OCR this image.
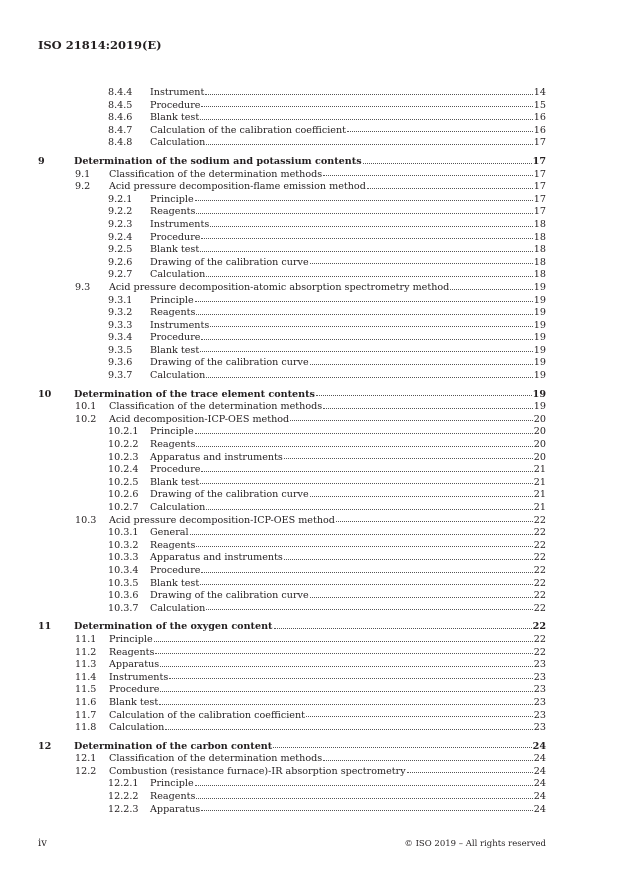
ISO 21814:2019(E)
8.4.4 Instrument	14
8.4.5 Procedure	15
8.4.6 Blank test	16
8.4.7 Calculation of the calibration coefficient	16
8.4.8 Calculation	17
9	Determination of the sodium and potassium contents	17
9.1 Classification of the determination methods	17
9.2 Acid pressure decomposition-flame emission method	17
9.2.1 Principle	17
9.2.2 Reagents	17
9.2.3 Instruments	18
9.2.4 Procedure	18
9.2.5 Blank test	18
9.2.6 Drawing of the calibration curve	18
9.2.7 Calculation	18
9.3 Acid pressure decomposition-atomic absorption spectrometry method	19
9.3.1 Principle	19
9.3.2 Reagents	19
9.3.3 Instruments	19
9.3.4 Procedure	19
9.3.5 Blank test	19
9.3.6 Drawing of the calibration curve	19
9.3.7 Calculation	19
10 Determination of the trace element contents	19
10.1 Classification of the determination methods	19
10.2 Acid decomposition-ICP-OES method	20
10.2.1 Principle	20
10.2.2 Reagents	20
10.2.3 Apparatus and instruments	20
10.2.4 Procedure	21
10.2.5 Blank test	21
10.2.6 Drawing of the calibration curve	21
10.2.7 Calculation	21
10.3 Acid pressure decomposition-ICP-OES method	22
10.3.1 General	22
10.3.2 Reagents	22
10.3.3 Apparatus and instruments	22
10.3.4 Procedure	22
10.3.5 Blank test	22
10.3.6 Drawing of the calibration curve	22
10.3.7 Calculation	22
11 Determination of the oxygen content	22
11.1 Principle	22
11.2 Reagents	22
11.3 Apparatus	23
11.4 Instruments	23
11.5 Procedure	23
11.6 Blank test	23
11.7 Calculation of the calibration coefficient	23
11.8 Calculation	23
12 Determination of the carbon content	24
12.1 Classification of the determination methods	24
12.2 Combustion (resistance furnace)-IR absorption spectrometry	24
12.2.1 Principle	24
12.2.2 Reagents	24
12.2.3 Apparatus	24
iv	© ISO 2019 – All rights reserved
